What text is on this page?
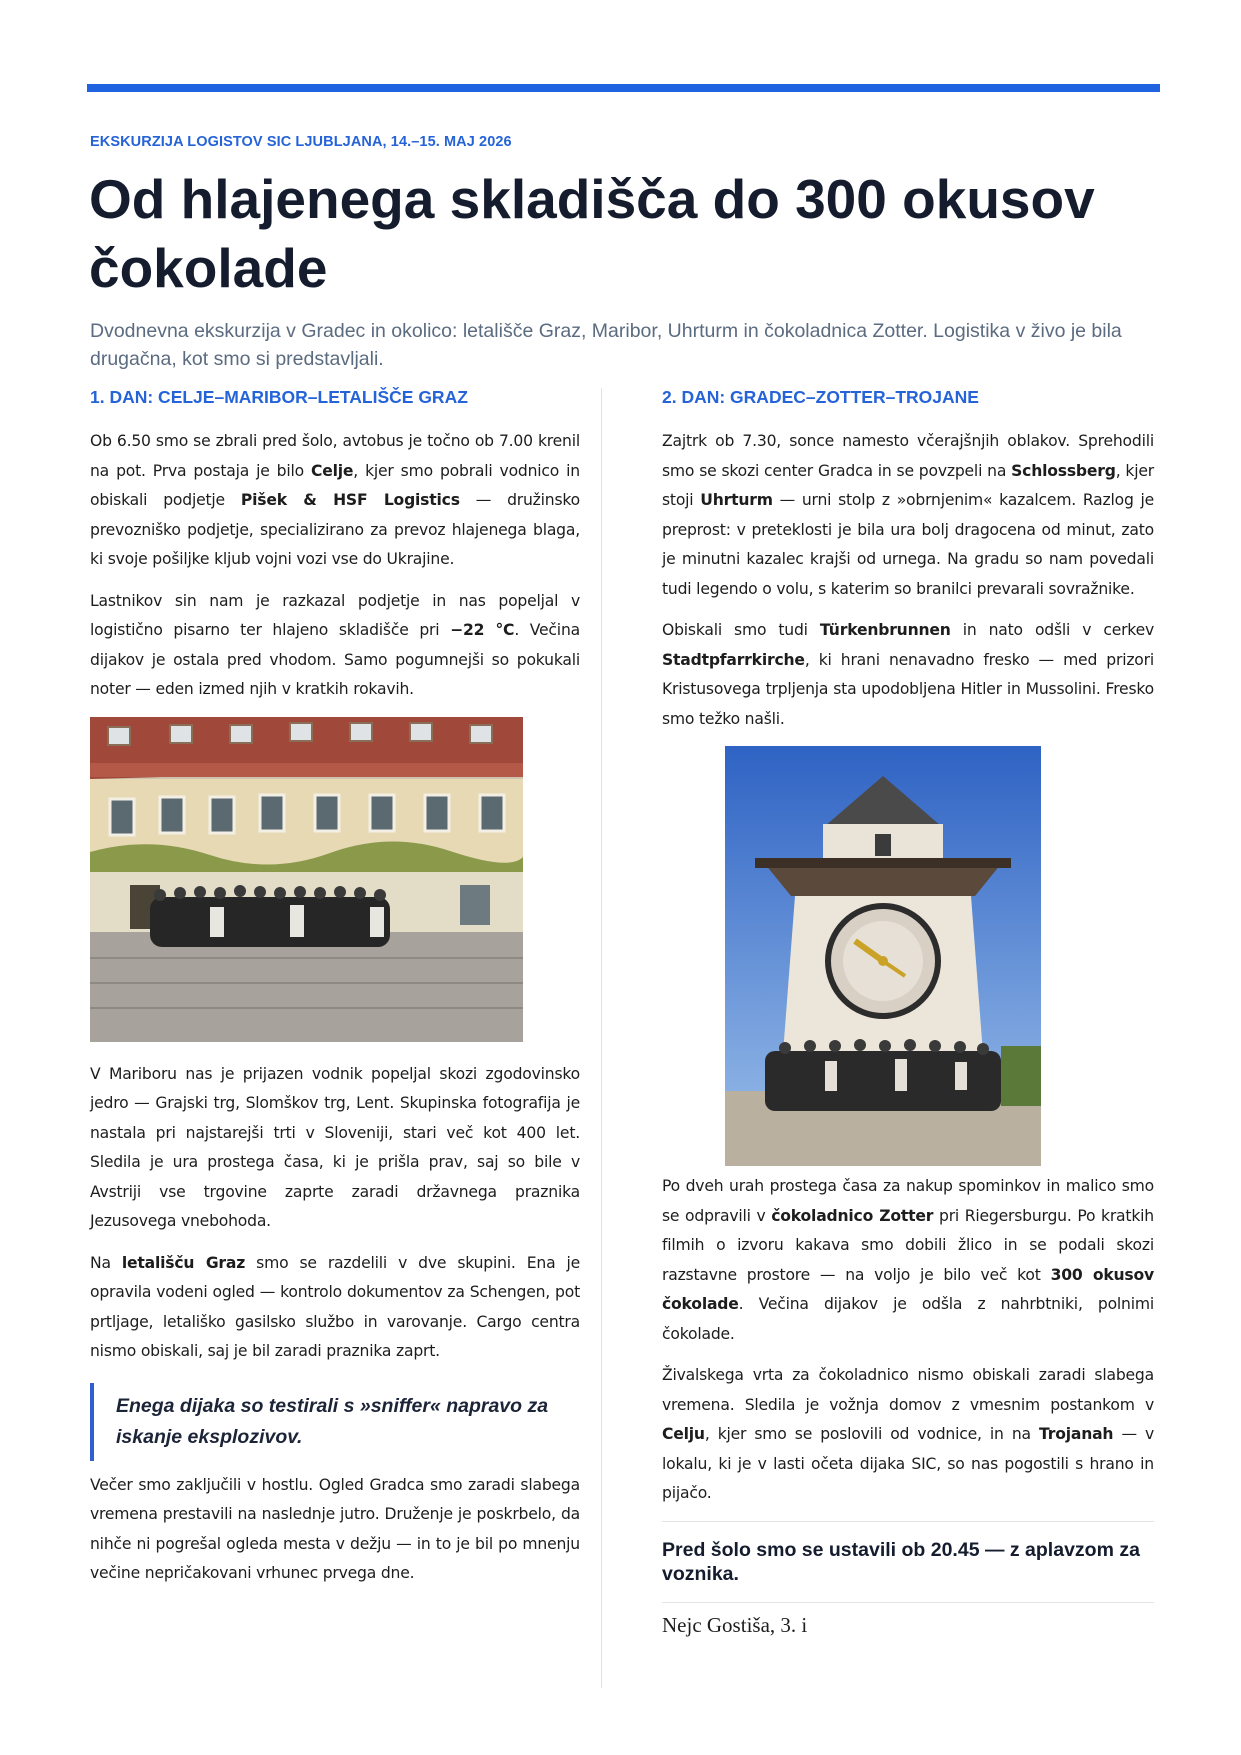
EKSKURZIJA LOGISTOV SIC LJUBLJANA, 14.–15. MAJ 2026
Od hlajenega skladišča do 300 okusov čokolade

Dvodnevna ekskurzija v Gradec in okolico: letališče Graz, Maribor, Uhrturm in čokoladnica Zotter. Logistika v živo je bila drugačna, kot smo si predstavljali.

1. DAN: CELJE–MARIBOR–LETALIŠČE GRAZ

Ob 6.50 smo se zbrali pred šolo, avtobus je točno ob 7.00 krenil na pot. Prva postaja je bilo Celje, kjer smo pobrali vodnico in obiskali podjetje Pišek & HSF Logistics — družinsko prevozniško podjetje, specializirano za prevoz hlajenega blaga, ki svoje pošiljke kljub vojni vozi vse do Ukrajine.

Lastnikov sin nam je razkazal podjetje in nas popeljal v logistično pisarno ter hlajeno skladišče pri −22 °C. Večina dijakov je ostala pred vhodom. Samo pogumnejši so pokukali noter — eden izmed njih v kratkih rokavih.

V Mariboru nas je prijazen vodnik popeljal skozi zgodovinsko jedro — Grajski trg, Slomškov trg, Lent. Skupinska fotografija je nastala pri najstarejši trti v Sloveniji, stari več kot 400 let. Sledila je ura prostega časa, ki je prišla prav, saj so bile v Avstriji vse trgovine zaprte zaradi državnega praznika Jezusovega vnebohoda.

Na letališču Graz smo se razdelili v dve skupini. Ena je opravila vodeni ogled — kontrolo dokumentov za Schengen, pot prtljage, letališko gasilsko službo in varovanje. Cargo centra nismo obiskali, saj je bil zaradi praznika zaprt.

Enega dijaka so testirali s »sniffer« napravo za iskanje eksplozivov.

Večer smo zaključili v hostlu. Ogled Gradca smo zaradi slabega vremena prestavili na naslednje jutro. Druženje je poskrbelo, da nihče ni pogrešal ogleda mesta v dežju — in to je bil po mnenju večine nepričakovani vrhunec prvega dne.

2. DAN: GRADEC–ZOTTER–TROJANE

Zajtrk ob 7.30, sonce namesto včerajšnjih oblakov. Sprehodili smo se skozi center Gradca in se povzpeli na Schlossberg, kjer stoji Uhrturm — urni stolp z »obrnjenim« kazalcem. Razlog je preprost: v preteklosti je bila ura bolj dragocena od minut, zato je minutni kazalec krajši od urnega. Na gradu so nam povedali tudi legendo o volu, s katerim so branilci prevarali sovražnike.

Obiskali smo tudi Türkenbrunnen in nato odšli v cerkev Stadtpfarrkirche, ki hrani nenavadno fresko — med prizori Kristusovega trpljenja sta upodobljena Hitler in Mussolini. Fresko smo težko našli.

Po dveh urah prostega časa za nakup spominkov in malico smo se odpravili v čokoladnico Zotter pri Riegersburgu. Po kratkih filmih o izvoru kakava smo dobili žlico in se podali skozi razstavne prostore — na voljo je bilo več kot 300 okusov čokolade. Večina dijakov je odšla z nahrbtniki, polnimi čokolade.

Živalskega vrta za čokoladnico nismo obiskali zaradi slabega vremena. Sledila je vožnja domov z vmesnim postankom v Celju, kjer smo se poslovili od vodnice, in na Trojanah — v lokalu, ki je v lasti očeta dijaka SIC, so nas pogostili s hrano in pijačo.

Pred šolo smo se ustavili ob 20.45 — z aplavzom za voznika.

Nejc Gostiša, 3. i
